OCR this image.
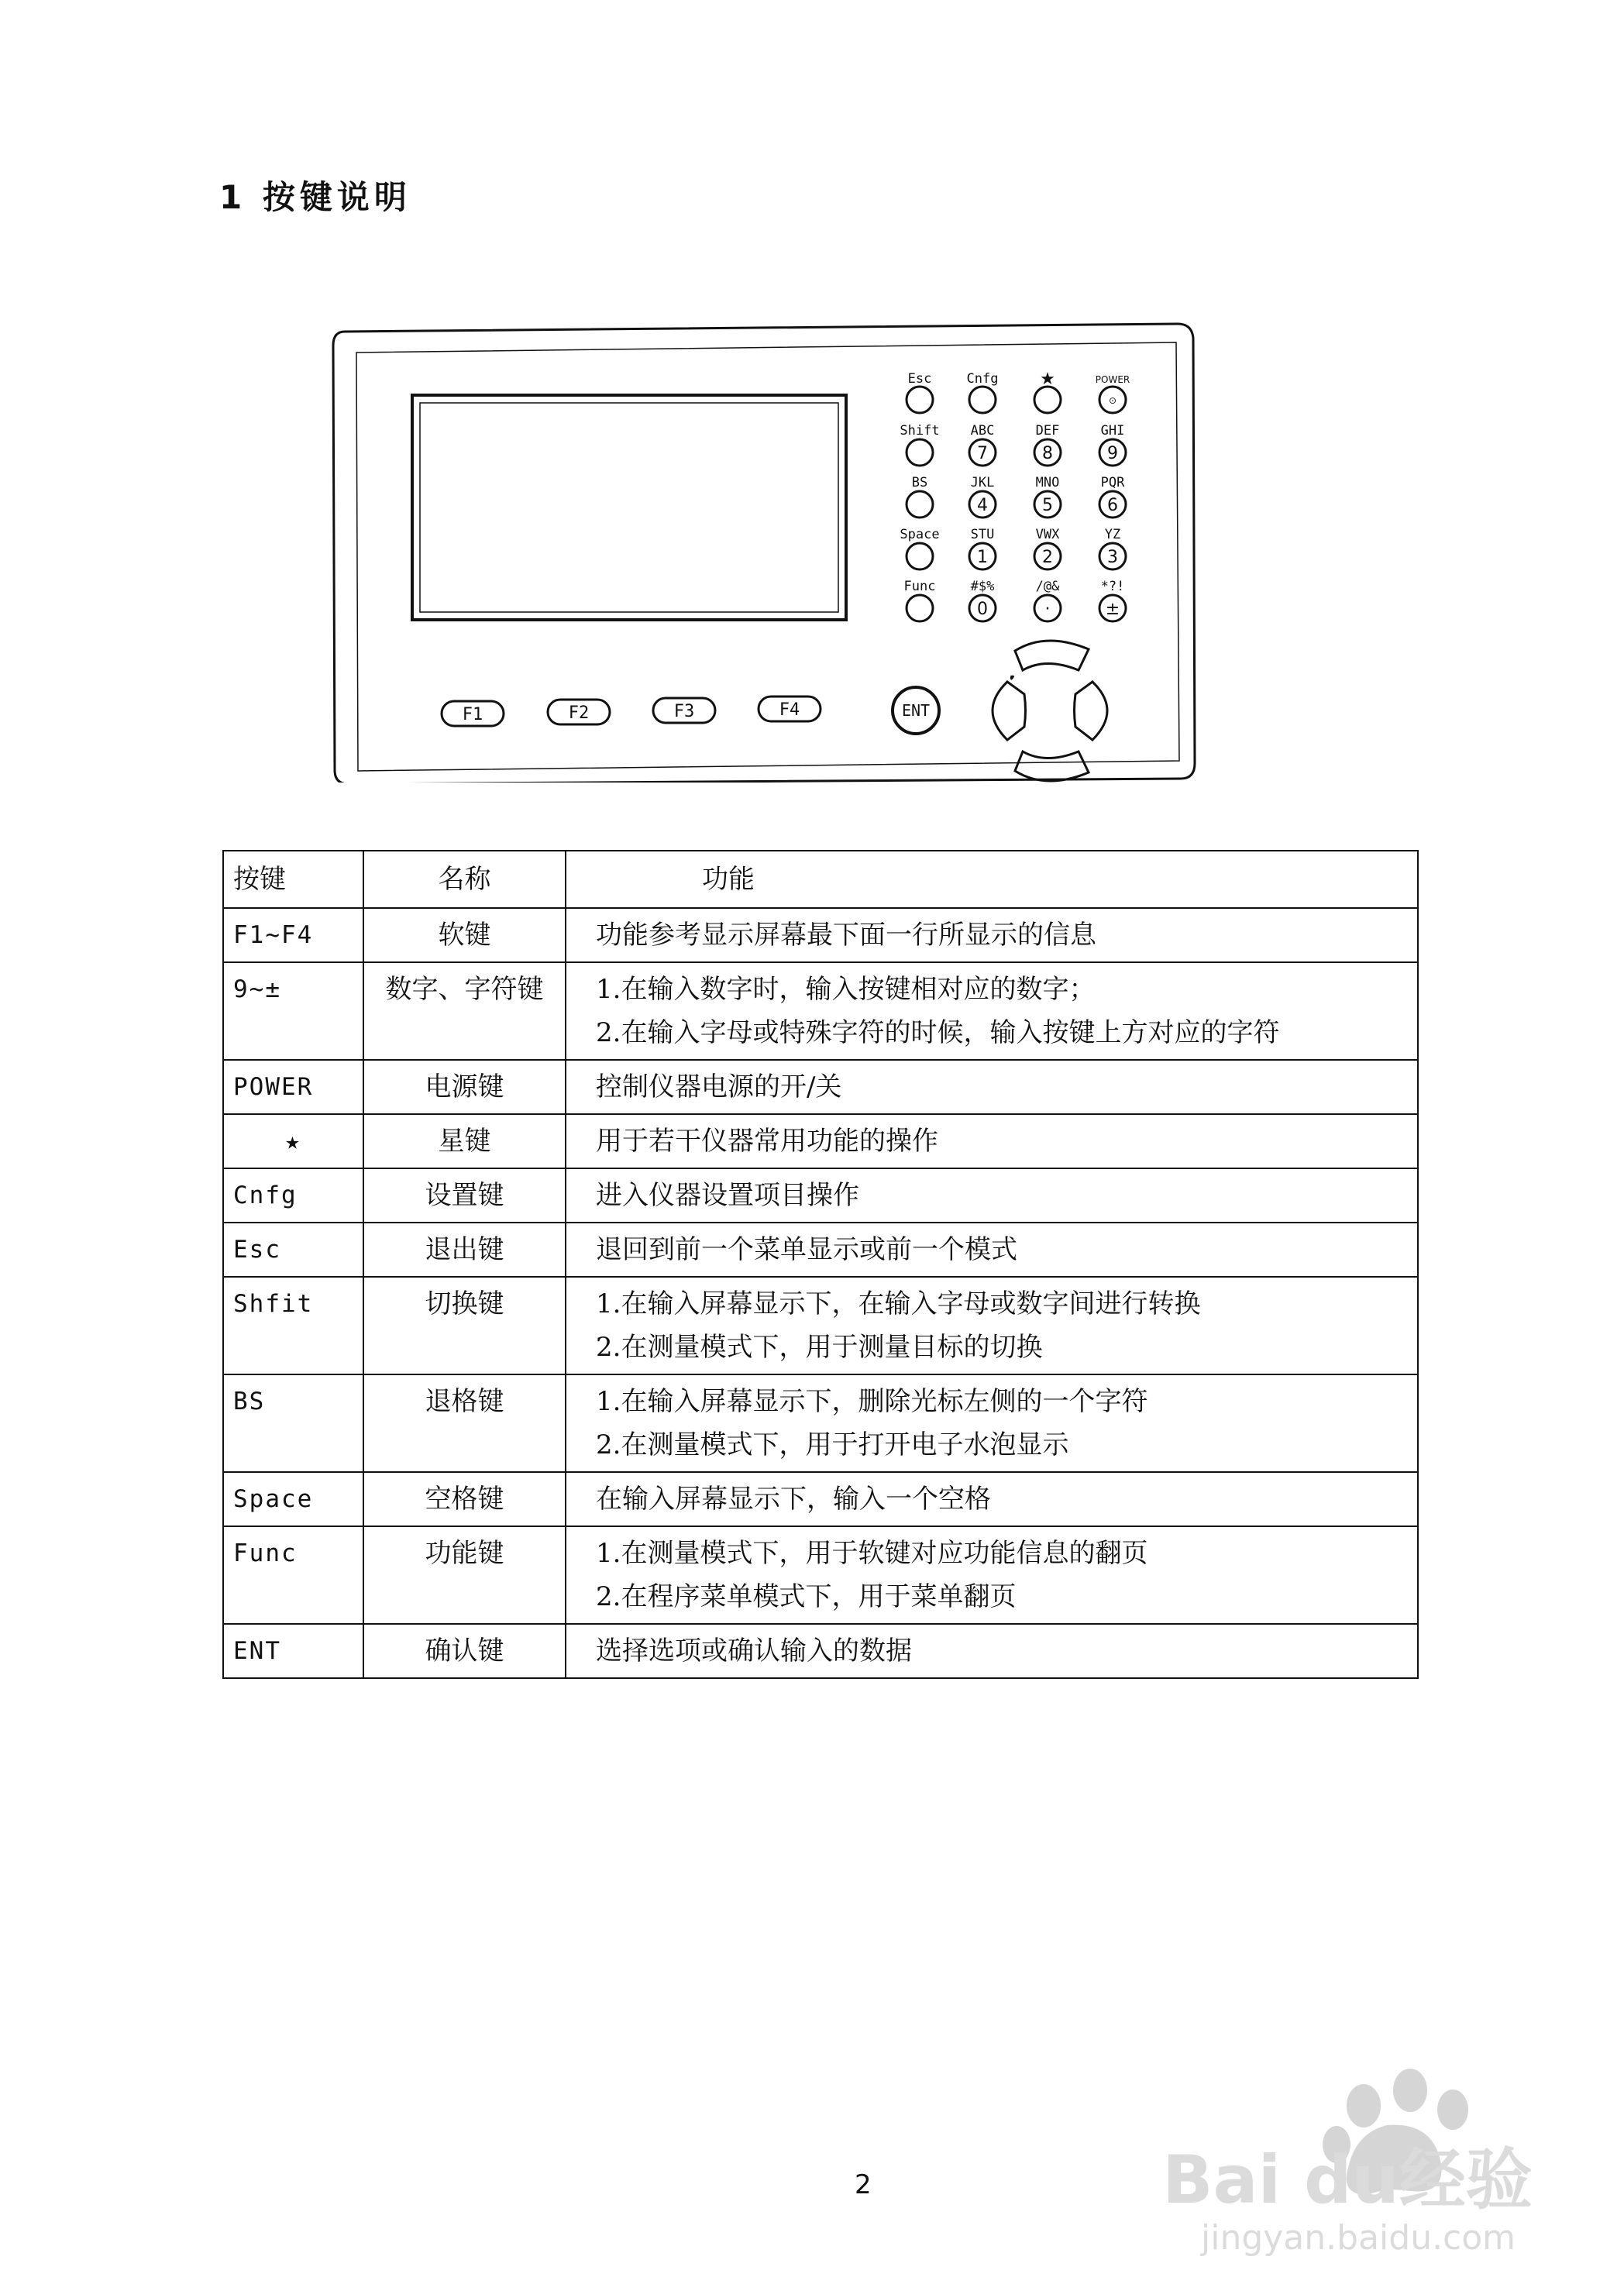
1 按键说明
Esc	Cnfg ★	POWER
⊙
Shift ABC
7
DEF
8
GHI
9
BS	JKL
4
MNO
5
PQR
6
Space STU
1
VWX
2
YZ
3
Func	#$%
0
/@&
·
*?!
±
F1	F2	F3	F4	ENT
按键	名称	功能
F1~F4	软键	功能参考显示屏幕最下面一行所显示的信息

9~±	数字、字符键	1.在输入数字时，输入按键相对应的数字；
2.在输入字母或特殊字符的时候，输入按键上方对应的字符

POWER	电源键	控制仪器电源的开/关

★	星键	用于若干仪器常用功能的操作

Cnfg	设置键	进入仪器设置项目操作

Esc	退出键	退回到前一个菜单显示或前一个模式

Shfit	切换键	1.在输入屏幕显示下，在输入字母或数字间进行转换
2.在测量模式下，用于测量目标的切换

BS	退格键	1.在输入屏幕显示下，删除光标左侧的一个字符
2.在测量模式下，用于打开电子水泡显示

Space	空格键	在输入屏幕显示下，输入一个空格

Func	功能键	1.在测量模式下，用于软键对应功能信息的翻页
2.在程序菜单模式下，用于菜单翻页

ENT	确认键	选择选项或确认输入的数据
Bai du经验
jingyan.baidu.com
2
